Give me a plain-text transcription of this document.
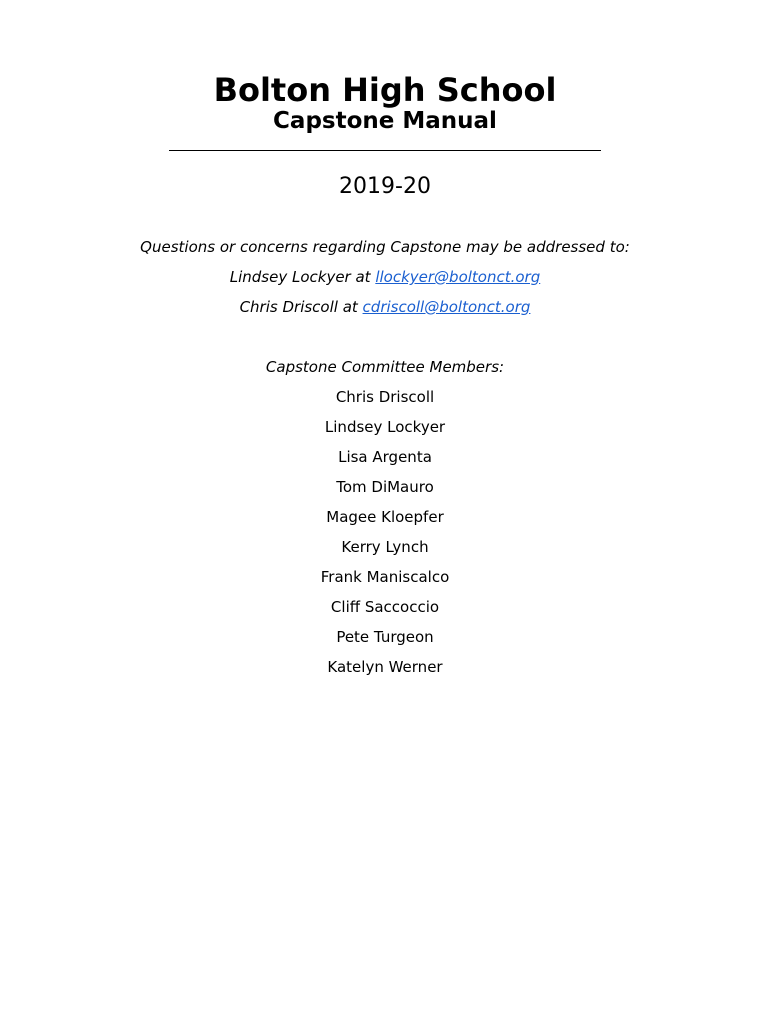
Bolton High School
Capstone Manual
2019-20
Questions or concerns regarding Capstone may be addressed to:
Lindsey Lockyer at llockyer@boltonct.org
Chris Driscoll at cdriscoll@boltonct.org
Capstone Committee Members:
Chris Driscoll
Lindsey Lockyer
Lisa Argenta
Tom DiMauro
Magee Kloepfer
Kerry Lynch
Frank Maniscalco
Cliff Saccoccio
Pete Turgeon
Katelyn Werner
